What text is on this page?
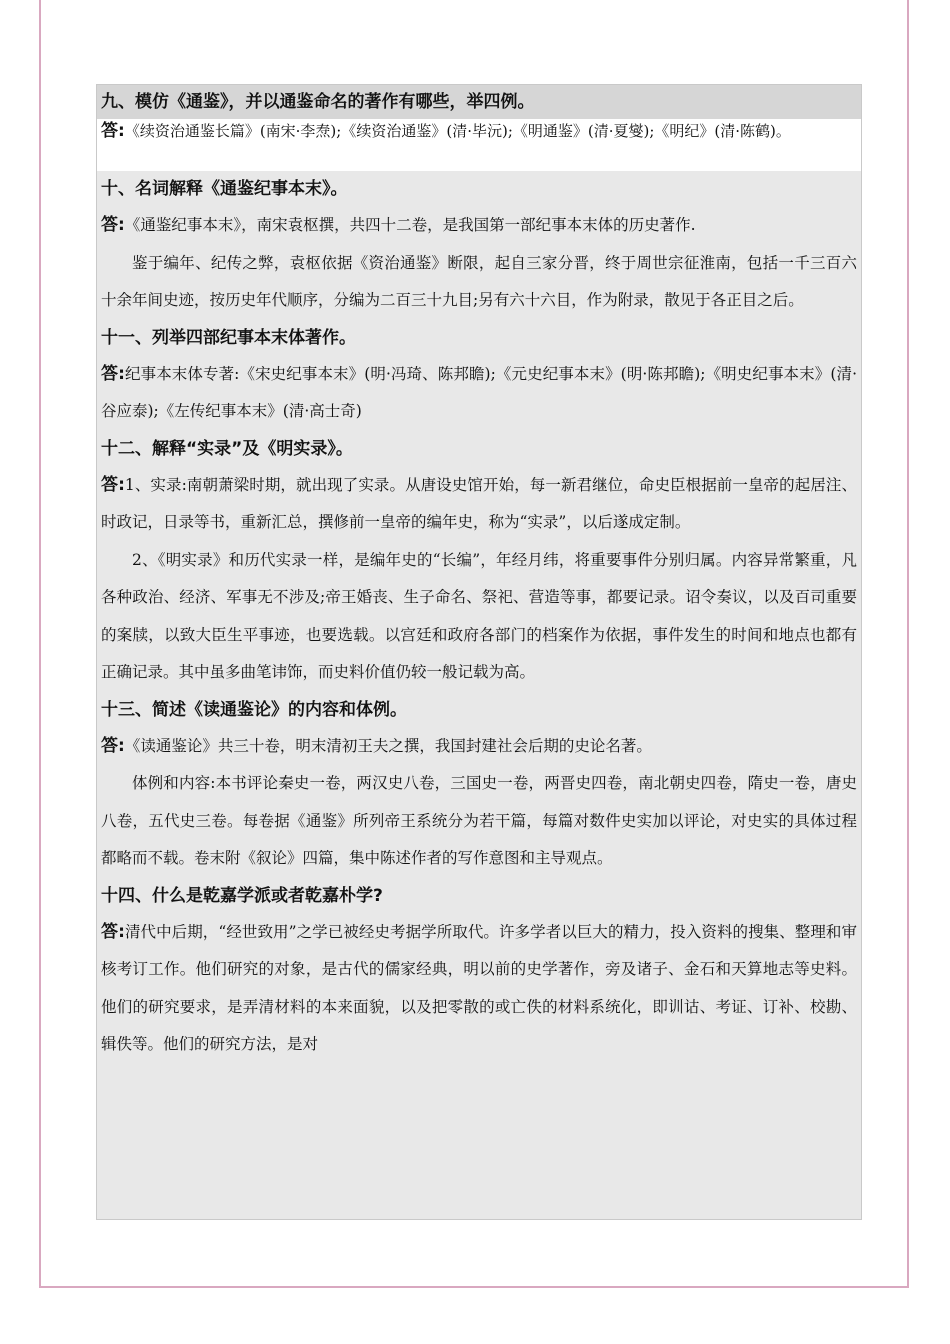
九、模仿《通鉴》，并以通鉴命名的著作有哪些，举四例。
答:《续资治通鉴长篇》(南宋·李焘);《续资治通鉴》(清·毕沅);《明通鉴》(清·夏燮);《明纪》(清·陈鹤)。
十、名词解释《通鉴纪事本末》。
答:《通鉴纪事本末》，南宋袁枢撰，共四十二卷，是我国第一部纪事本末体的历史著作.
鉴于编年、纪传之弊，袁枢依据《资治通鉴》断限，起自三家分晋，终于周世宗征淮南，包括一千三百六十余年间史迹，按历史年代顺序，分编为二百三十九目;另有六十六目，作为附录，散见于各正目之后。
十一、列举四部纪事本末体著作。
答:纪事本末体专著:《宋史纪事本末》(明·冯琦、陈邦瞻);《元史纪事本末》(明·陈邦瞻);《明史纪事本末》(清·谷应泰);《左传纪事本末》(清·高士奇)
十二、解释“实录”及《明实录》。
答:1、实录:南朝萧梁时期，就出现了实录。从唐设史馆开始，每一新君继位，命史臣根据前一皇帝的起居注、时政记，日录等书，重新汇总，撰修前一皇帝的编年史，称为“实录”，以后遂成定制。
2、《明实录》和历代实录一样，是编年史的“长编”，年经月纬，将重要事件分别归属。内容异常繁重，凡各种政治、经济、军事无不涉及;帝王婚丧、生子命名、祭祀、营造等事，都要记录。诏令奏议，以及百司重要的案牍，以致大臣生平事迹，也要选载。以宫廷和政府各部门的档案作为依据，事件发生的时间和地点也都有正确记录。其中虽多曲笔讳饰，而史料价值仍较一般记载为高。
十三、简述《读通鉴论》的内容和体例。
答:《读通鉴论》共三十卷，明末清初王夫之撰，我国封建社会后期的史论名著。
体例和内容:本书评论秦史一卷，两汉史八卷，三国史一卷，两晋史四卷，南北朝史四卷，隋史一卷，唐史八卷，五代史三卷。每卷据《通鉴》所列帝王系统分为若干篇，每篇对数件史实加以评论，对史实的具体过程都略而不载。卷末附《叙论》四篇，集中陈述作者的写作意图和主导观点。
十四、什么是乾嘉学派或者乾嘉朴学?
答:清代中后期，“经世致用”之学已被经史考据学所取代。许多学者以巨大的精力，投入资料的搜集、整理和审核考订工作。他们研究的对象，是古代的儒家经典，明以前的史学著作，旁及诸子、金石和天算地志等史料。他们的研究要求，是弄清材料的本来面貌，以及把零散的或亡佚的材料系统化，即训诂、考证、订补、校勘、辑佚等。他们的研究方法，是对
